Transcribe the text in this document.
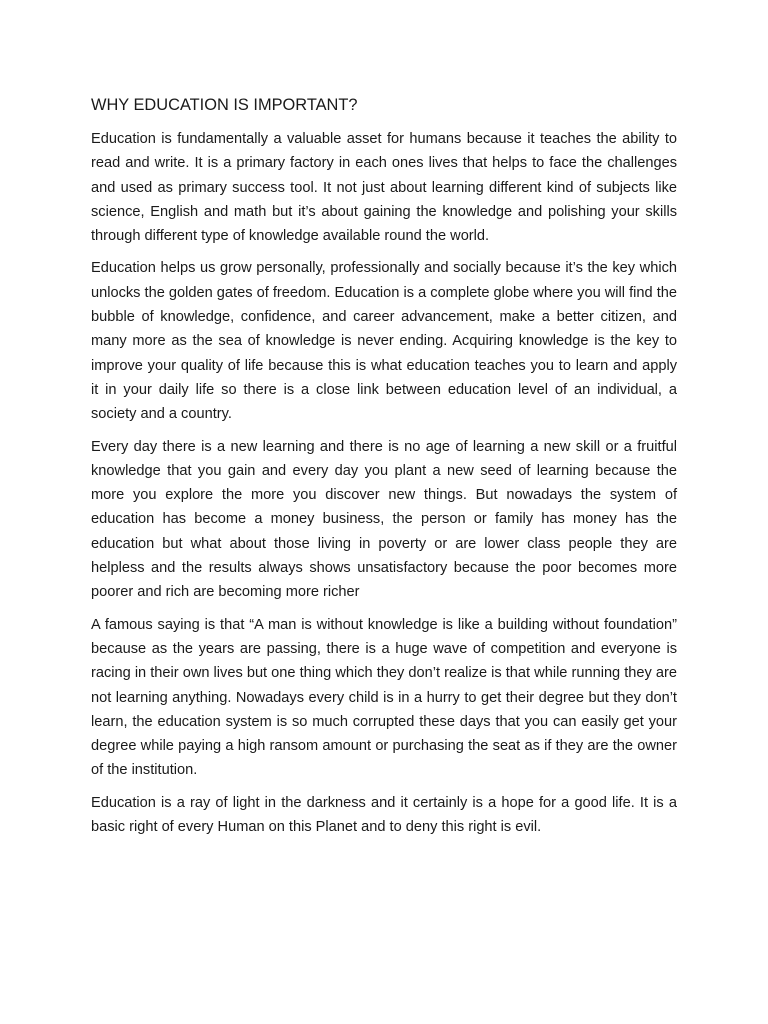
WHY EDUCATION IS IMPORTANT?

Education is fundamentally a valuable asset for humans because it teaches the ability to read and write. It is a primary factory in each ones lives that helps to face the challenges and used as primary success tool. It not just about learning different kind of subjects like science, English and math but it’s about gaining the knowledge and polishing your skills through different type of knowledge available round the world.

Education helps us grow personally, professionally and socially because it’s the key which unlocks the golden gates of freedom. Education is a complete globe where you will find the bubble of knowledge, confidence, and career advancement, make a better citizen, and many more as the sea of knowledge is never ending. Acquiring knowledge is the key to improve your quality of life because this is what education teaches you to learn and apply it in your daily life so there is a close link between education level of an individual, a society and a country.

Every day there is a new learning and there is no age of learning a new skill or a fruitful knowledge that you gain and every day you plant a new seed of learning because the more you explore the more you discover new things. But nowadays the system of education has become a money business, the person or family has money has the education but what about those living in poverty or are lower class people they are helpless and the results always shows unsatisfactory because the poor becomes more poorer and rich are becoming more richer

A famous saying is that “A man is without knowledge is like a building without foundation” because as the years are passing, there is a huge wave of competition and everyone is racing in their own lives but one thing which they don’t realize is that while running they are not learning anything. Nowadays every child is in a hurry to get their degree but they don’t learn, the education system is so much corrupted these days that you can easily get your degree while paying a high ransom amount or purchasing the seat as if they are the owner of the institution.

Education is a ray of light in the darkness and it certainly is a hope for a good life. It is a basic right of every Human on this Planet and to deny this right is evil.
